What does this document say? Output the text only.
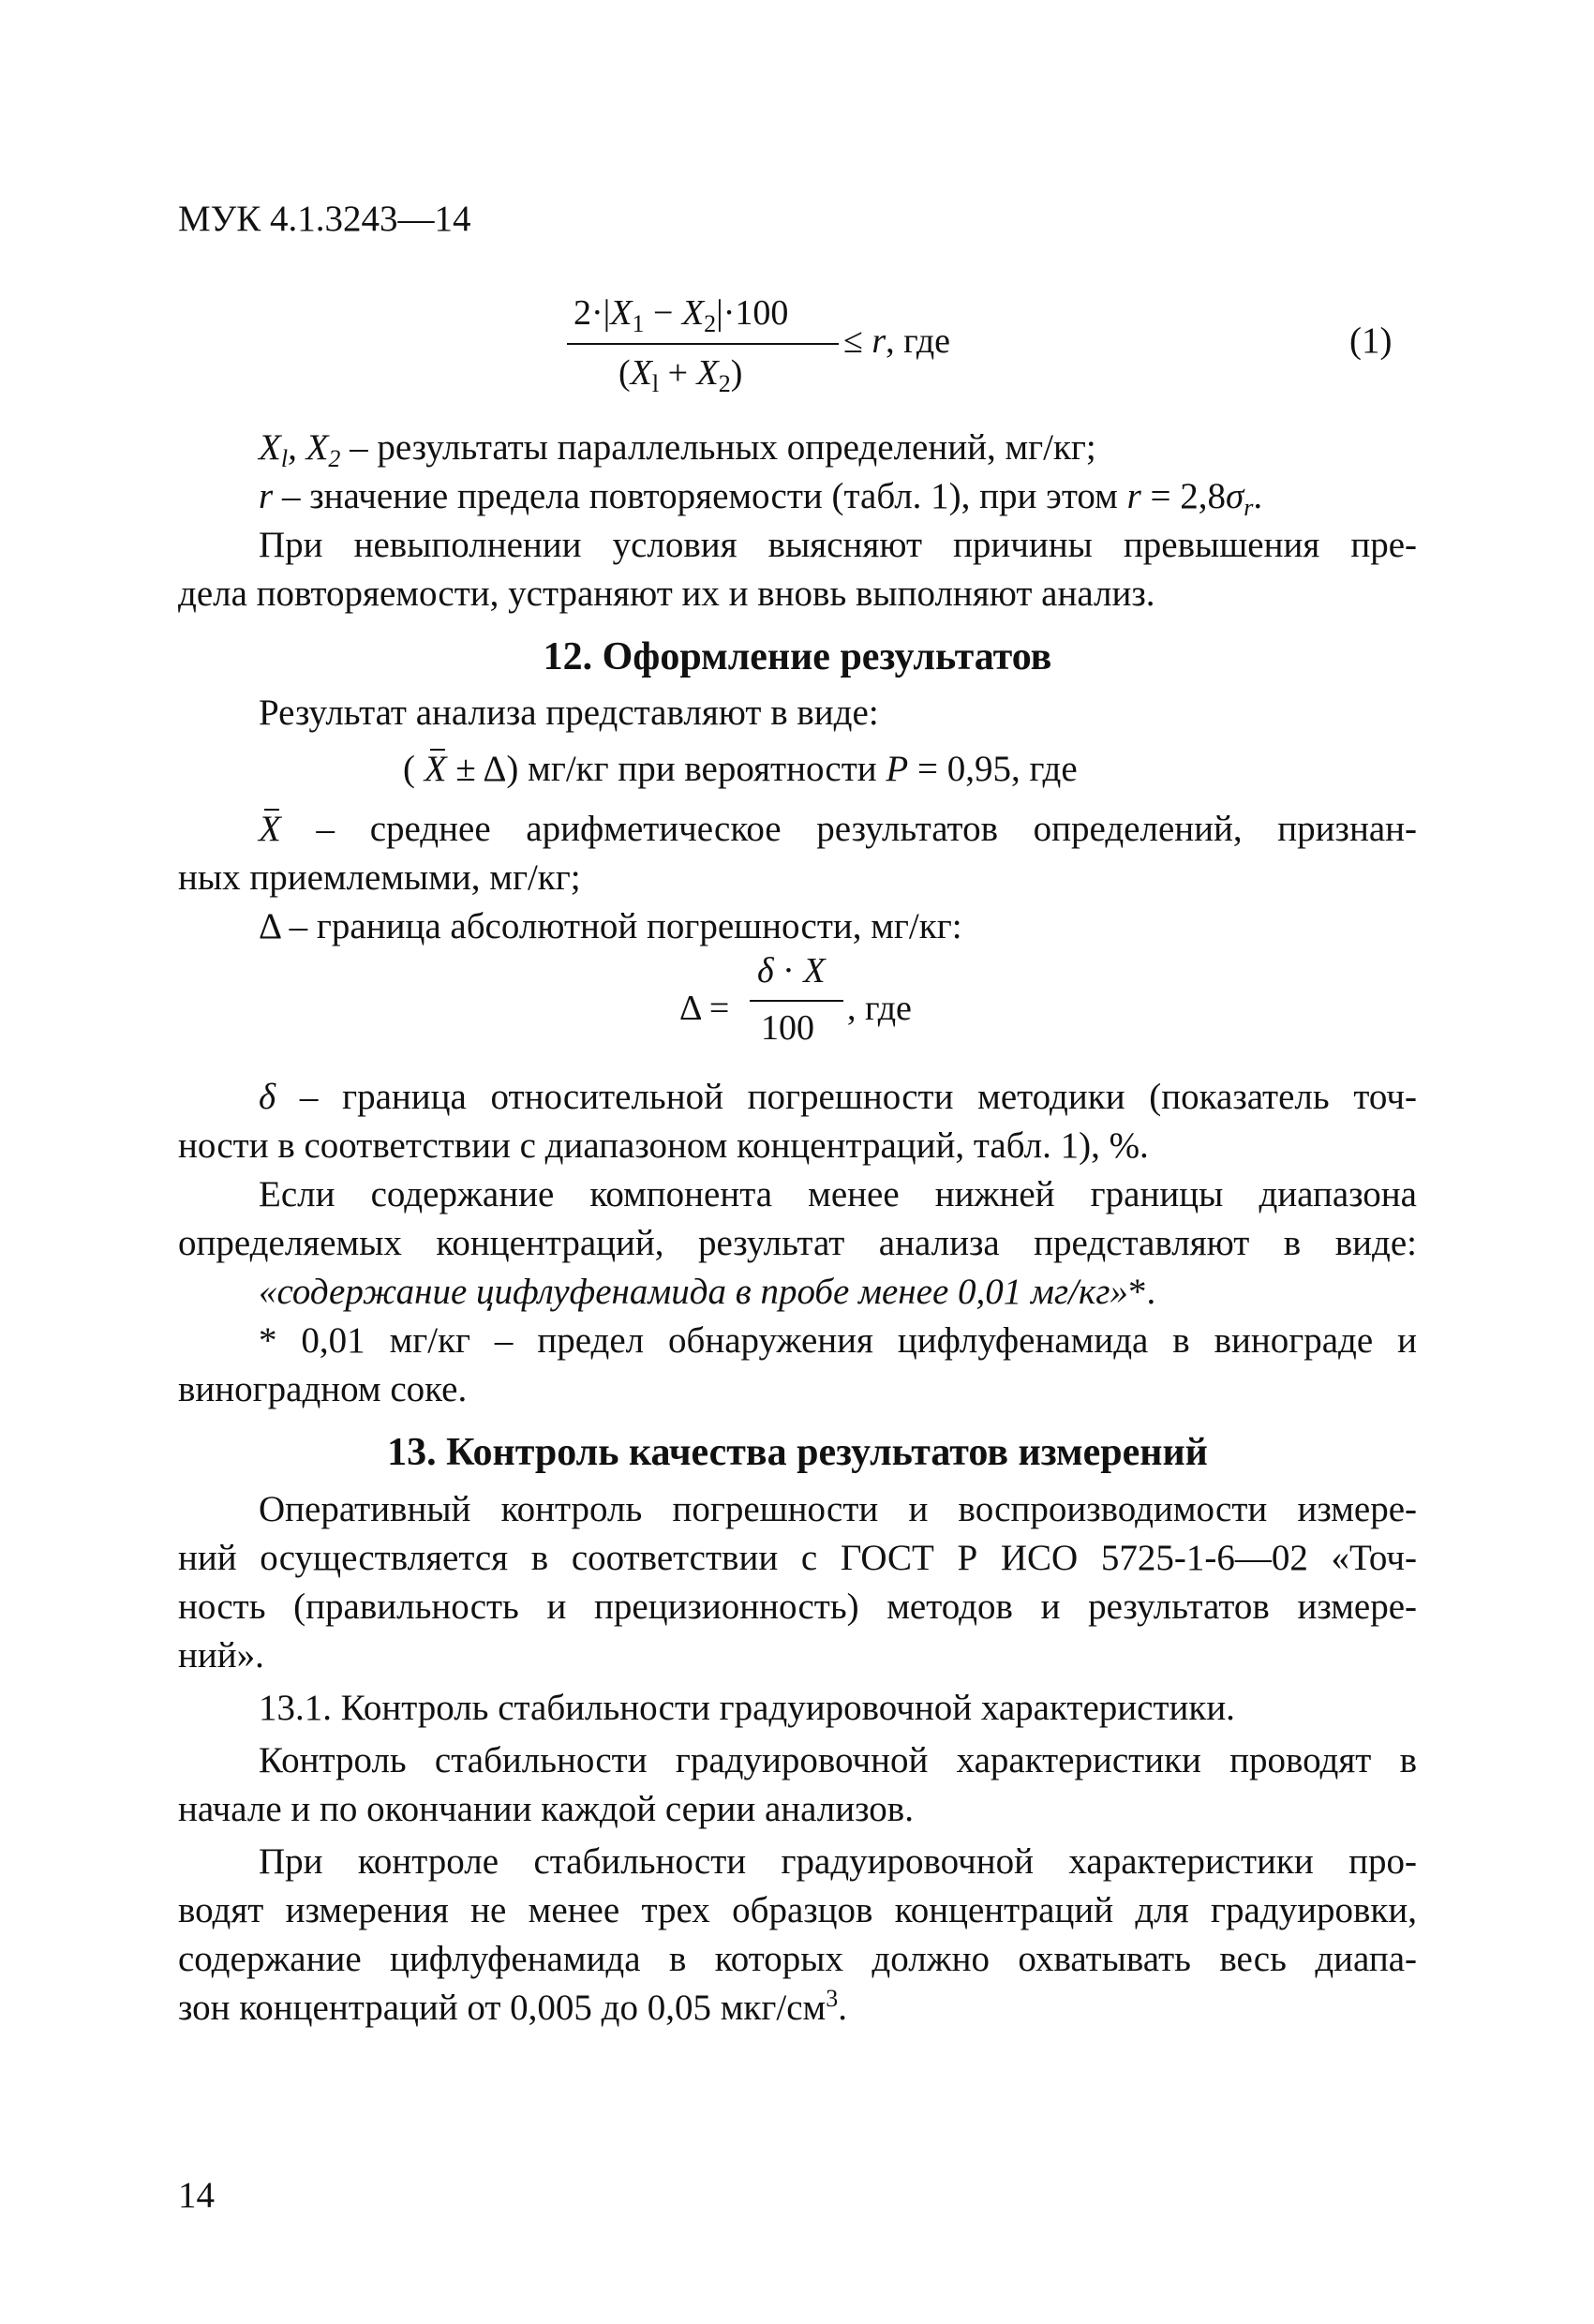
МУК 4.1.3243—14
$2\cdot|X_1 - X_2|\cdot 100$
$(X_l + X_2)$
≤ r, где	(1)
$X_l$, $X_2$ – результаты параллельных определений, мг/кг;
r – значение предела повторяемости (табл. 1), при этом $r = 2,8\sigma_r$.
При невыполнении условия выясняют причины превышения пре-
дела повторяемости, устраняют их и вновь выполняют анализ.
12. Оформление результатов
Результат анализа представляют в виде:
( X ± Δ) мг/кг при вероятности P = 0,95, где
X – среднее арифметическое результатов определений, признан-
ных приемлемыми, мг/кг;
Δ – граница абсолютной погрешности, мг/кг:
Δ =
δ · X
100 , где
δ – граница относительной погрешности методики (показатель точ-
ности в соответствии с диапазоном концентраций, табл. 1), %.
Если содержание компонента менее нижней границы диапазона
определяемых концентраций, результат анализа представляют в виде:
«содержание цифлуфенамида в пробе менее 0,01 мг/кг»*.
* 0,01 мг/кг – предел обнаружения цифлуфенамида в винограде и
виноградном соке.
13. Контроль качества результатов измерений
Оперативный контроль погрешности и воспроизводимости измере-
ний осуществляется в соответствии с ГОСТ Р ИСО 5725-1-6—02 «Точ-
ность (правильность и прецизионность) методов и результатов измере-
ний».
13.1. Контроль стабильности градуировочной характеристики.
Контроль стабильности градуировочной характеристики проводят в
начале и по окончании каждой серии анализов.
При контроле стабильности градуировочной характеристики про-
водят измерения не менее трех образцов концентраций для градуировки,
содержание цифлуфенамида в которых должно охватывать весь диапа-
зон концентраций от 0,005 до 0,05 мкг/$см^3$.
14
